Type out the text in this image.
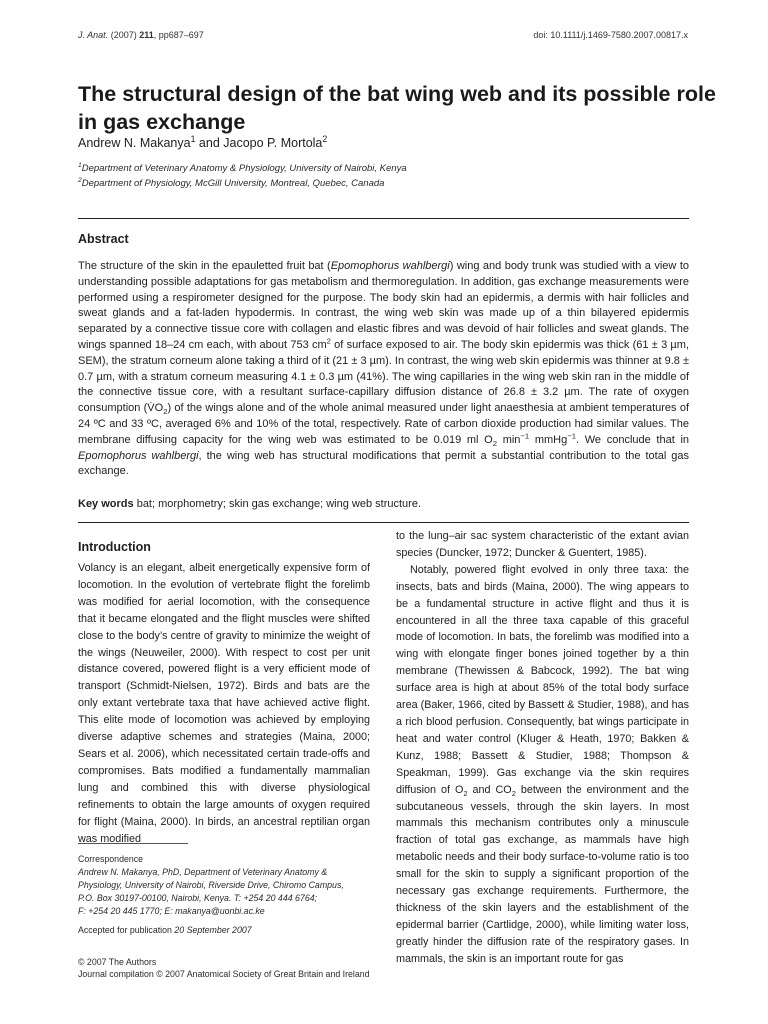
J. Anat. (2007) 211, pp687–697	doi: 10.1111/j.1469-7580.2007.00817.x
The structural design of the bat wing web and its possible role in gas exchange
Andrew N. Makanya$^1$ and Jacopo P. Mortola$^2$
$^1$Department of Veterinary Anatomy & Physiology, University of Nairobi, Kenya
$^2$Department of Physiology, McGill University, Montreal, Quebec, Canada
Abstract
The structure of the skin in the epauletted fruit bat (Epomophorus wahlbergi) wing and body trunk was studied with a view to understanding possible adaptations for gas metabolism and thermoregulation. In addition, gas exchange measurements were performed using a respirometer designed for the purpose. The body skin had an epidermis, a dermis with hair follicles and sweat glands and a fat-laden hypodermis. In contrast, the wing web skin was made up of a thin bilayered epidermis separated by a connective tissue core with collagen and elastic fibres and was devoid of hair follicles and sweat glands. The wings spanned 18–24 cm each, with about 753 $cm^2$ of surface exposed to air. The body skin epidermis was thick (61 ± 3 µm, SEM), the stratum corneum alone taking a third of it (21 ± 3 µm). In contrast, the wing web skin epidermis was thinner at 9.8 ± 0.7 µm, with a stratum corneum measuring 4.1 ± 0.3 µm (41%). The wing capillaries in the wing web skin ran in the middle of the connective tissue core, with a resultant surface-capillary diffusion distance of 26.8 ± 3.2 µm. The rate of oxygen consumption $(V̇O_2)$ of the wings alone and of the whole animal measured under light anaesthesia at ambient temperatures of 24 ºC and 33 ºC, averaged 6% and 10% of the total, respectively. Rate of carbon dioxide production had similar values. The membrane diffusing capacity for the wing web was estimated to be 0.019 ml $O_2$ $\min^{-1}$ mmHg$^{-1}$. We conclude that in Epomophorus wahlbergi, the wing web has structural modifications that permit a substantial contribution to the total gas exchange.
Key words bat; morphometry; skin gas exchange; wing web structure.
Introduction
Volancy is an elegant, albeit energetically expensive form of locomotion. In the evolution of vertebrate flight the forelimb was modified for aerial locomotion, with the consequence that it became elongated and the flight muscles were shifted close to the body’s centre of gravity to minimize the weight of the wings (Neuweiler, 2000). With respect to cost per unit distance covered, powered flight is a very efficient mode of transport (Schmidt-Nielsen, 1972). Birds and bats are the only extant vertebrate taxa that have achieved active flight. This elite mode of locomotion was achieved by employing diverse adaptive schemes and strategies (Maina, 2000; Sears et al. 2006), which necessitated certain trade-offs and compromises. Bats modified a fundamentally mammalian lung and combined this with diverse physiological refinements to obtain the large amounts of oxygen required for flight (Maina, 2000). In birds, an ancestral reptilian organ was modified
to the lung–air sac system characteristic of the extant avian species (Duncker, 1972; Duncker & Guentert, 1985).
Notably, powered flight evolved in only three taxa: the insects, bats and birds (Maina, 2000). The wing appears to be a fundamental structure in active flight and thus it is encountered in all the three taxa capable of this graceful mode of locomotion. In bats, the forelimb was modified into a wing with elongate finger bones joined together by a thin membrane (Thewissen & Babcock, 1992). The bat wing surface area is high at about 85% of the total body surface area (Baker, 1966, cited by Bassett & Studier, 1988), and has a rich blood perfusion. Consequently, bat wings participate in heat and water control (Kluger & Heath, 1970; Bakken & Kunz, 1988; Bassett & Studier, 1988; Thompson & Speakman, 1999). Gas exchange via the skin requires diffusion of $O_2$ and $CO_2$ between the environment and the subcutaneous vessels, through the skin layers. In most mammals this mechanism contributes only a minuscule fraction of total gas exchange, as mammals have high metabolic needs and their body surface-to-volume ratio is too small for the skin to supply a significant proportion of the necessary gas exchange requirements. Furthermore, the thickness of the skin layers and the establishment of the epidermal barrier (Cartlidge, 2000), while limiting water loss, greatly hinder the diffusion rate of the respiratory gases. In mammals, the skin is an important route for gas
Correspondence
Andrew N. Makanya, PhD, Department of Veterinary Anatomy &
Physiology, University of Nairobi, Riverside Drive, Chiromo Campus,
P.O. Box 30197-00100, Nairobi, Kenya. T: +254 20 444 6764;
F: +254 20 445 1770; E: makanya@uonbi.ac.ke
Accepted for publication 20 September 2007
© 2007 The Authors
Journal compilation © 2007 Anatomical Society of Great Britain and Ireland
